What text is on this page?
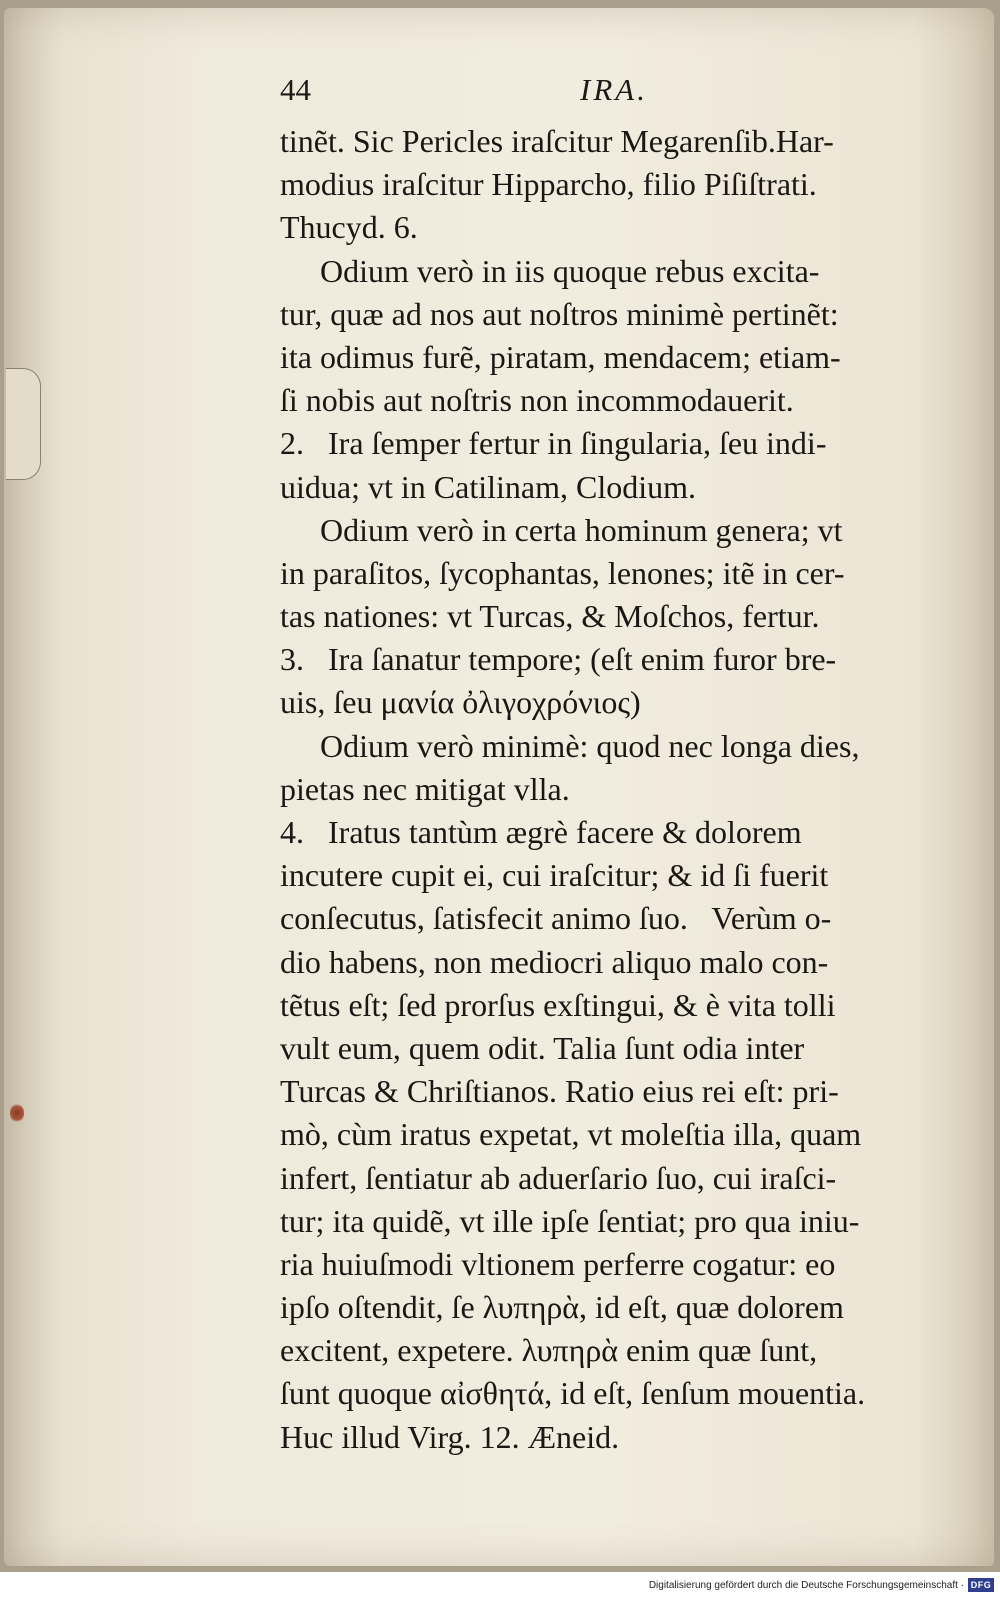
44	IRA.
tinẽt. Sic Pericles iraſcitur Megarenſib.Har-
modius iraſcitur Hipparcho, filio Piſiſtrati.
Thucyd. 6.
Odium verò in iis quoque rebus excita-
tur, quæ ad nos aut noſtros minimè pertinẽt:
ita odimus furẽ, piratam, mendacem; etiam-
ſi nobis aut noſtris non incommodauerit.
2.   Ira ſemper fertur in ſingularia, ſeu indi-
uidua; vt in Catilinam, Clodium.
Odium verò in certa hominum genera; vt
in paraſitos, ſycophantas, lenones; itẽ in cer-
tas nationes: vt Turcas, & Moſchos, fertur.
3.   Ira ſanatur tempore; (eſt enim furor bre-
uis, ſeu μανία ὀλιγοχρόνιος)
Odium verò minimè: quod nec longa dies,
pietas nec mitigat vlla.
4.   Iratus tantùm ægrè facere & dolorem
incutere cupit ei, cui iraſcitur; & id ſi fuerit
conſecutus, ſatisfecit animo ſuo.   Verùm o-
dio habens, non mediocri aliquo malo con-
tẽtus eſt; ſed prorſus exſtingui, & è vita tolli
vult eum, quem odit. Talia ſunt odia inter
Turcas & Chriſtianos. Ratio eius rei eſt: pri-
mò, cùm iratus expetat, vt moleſtia illa, quam
infert, ſentiatur ab aduerſario ſuo, cui iraſci-
tur; ita quidẽ, vt ille ipſe ſentiat; pro qua iniu-
ria huiuſmodi vltionem perferre cogatur: eo
ipſo oſtendit, ſe λυπηρὰ, id eſt, quæ dolorem
excitent, expetere. λυπηρὰ enim quæ ſunt,
ſunt quoque αἰσθητά, id eſt, ſenſum mouentia.
Huc illud Virg. 12. Æneid.
Digitalisierung gefördert durch die Deutsche Forschungsgemeinschaft · DFG
